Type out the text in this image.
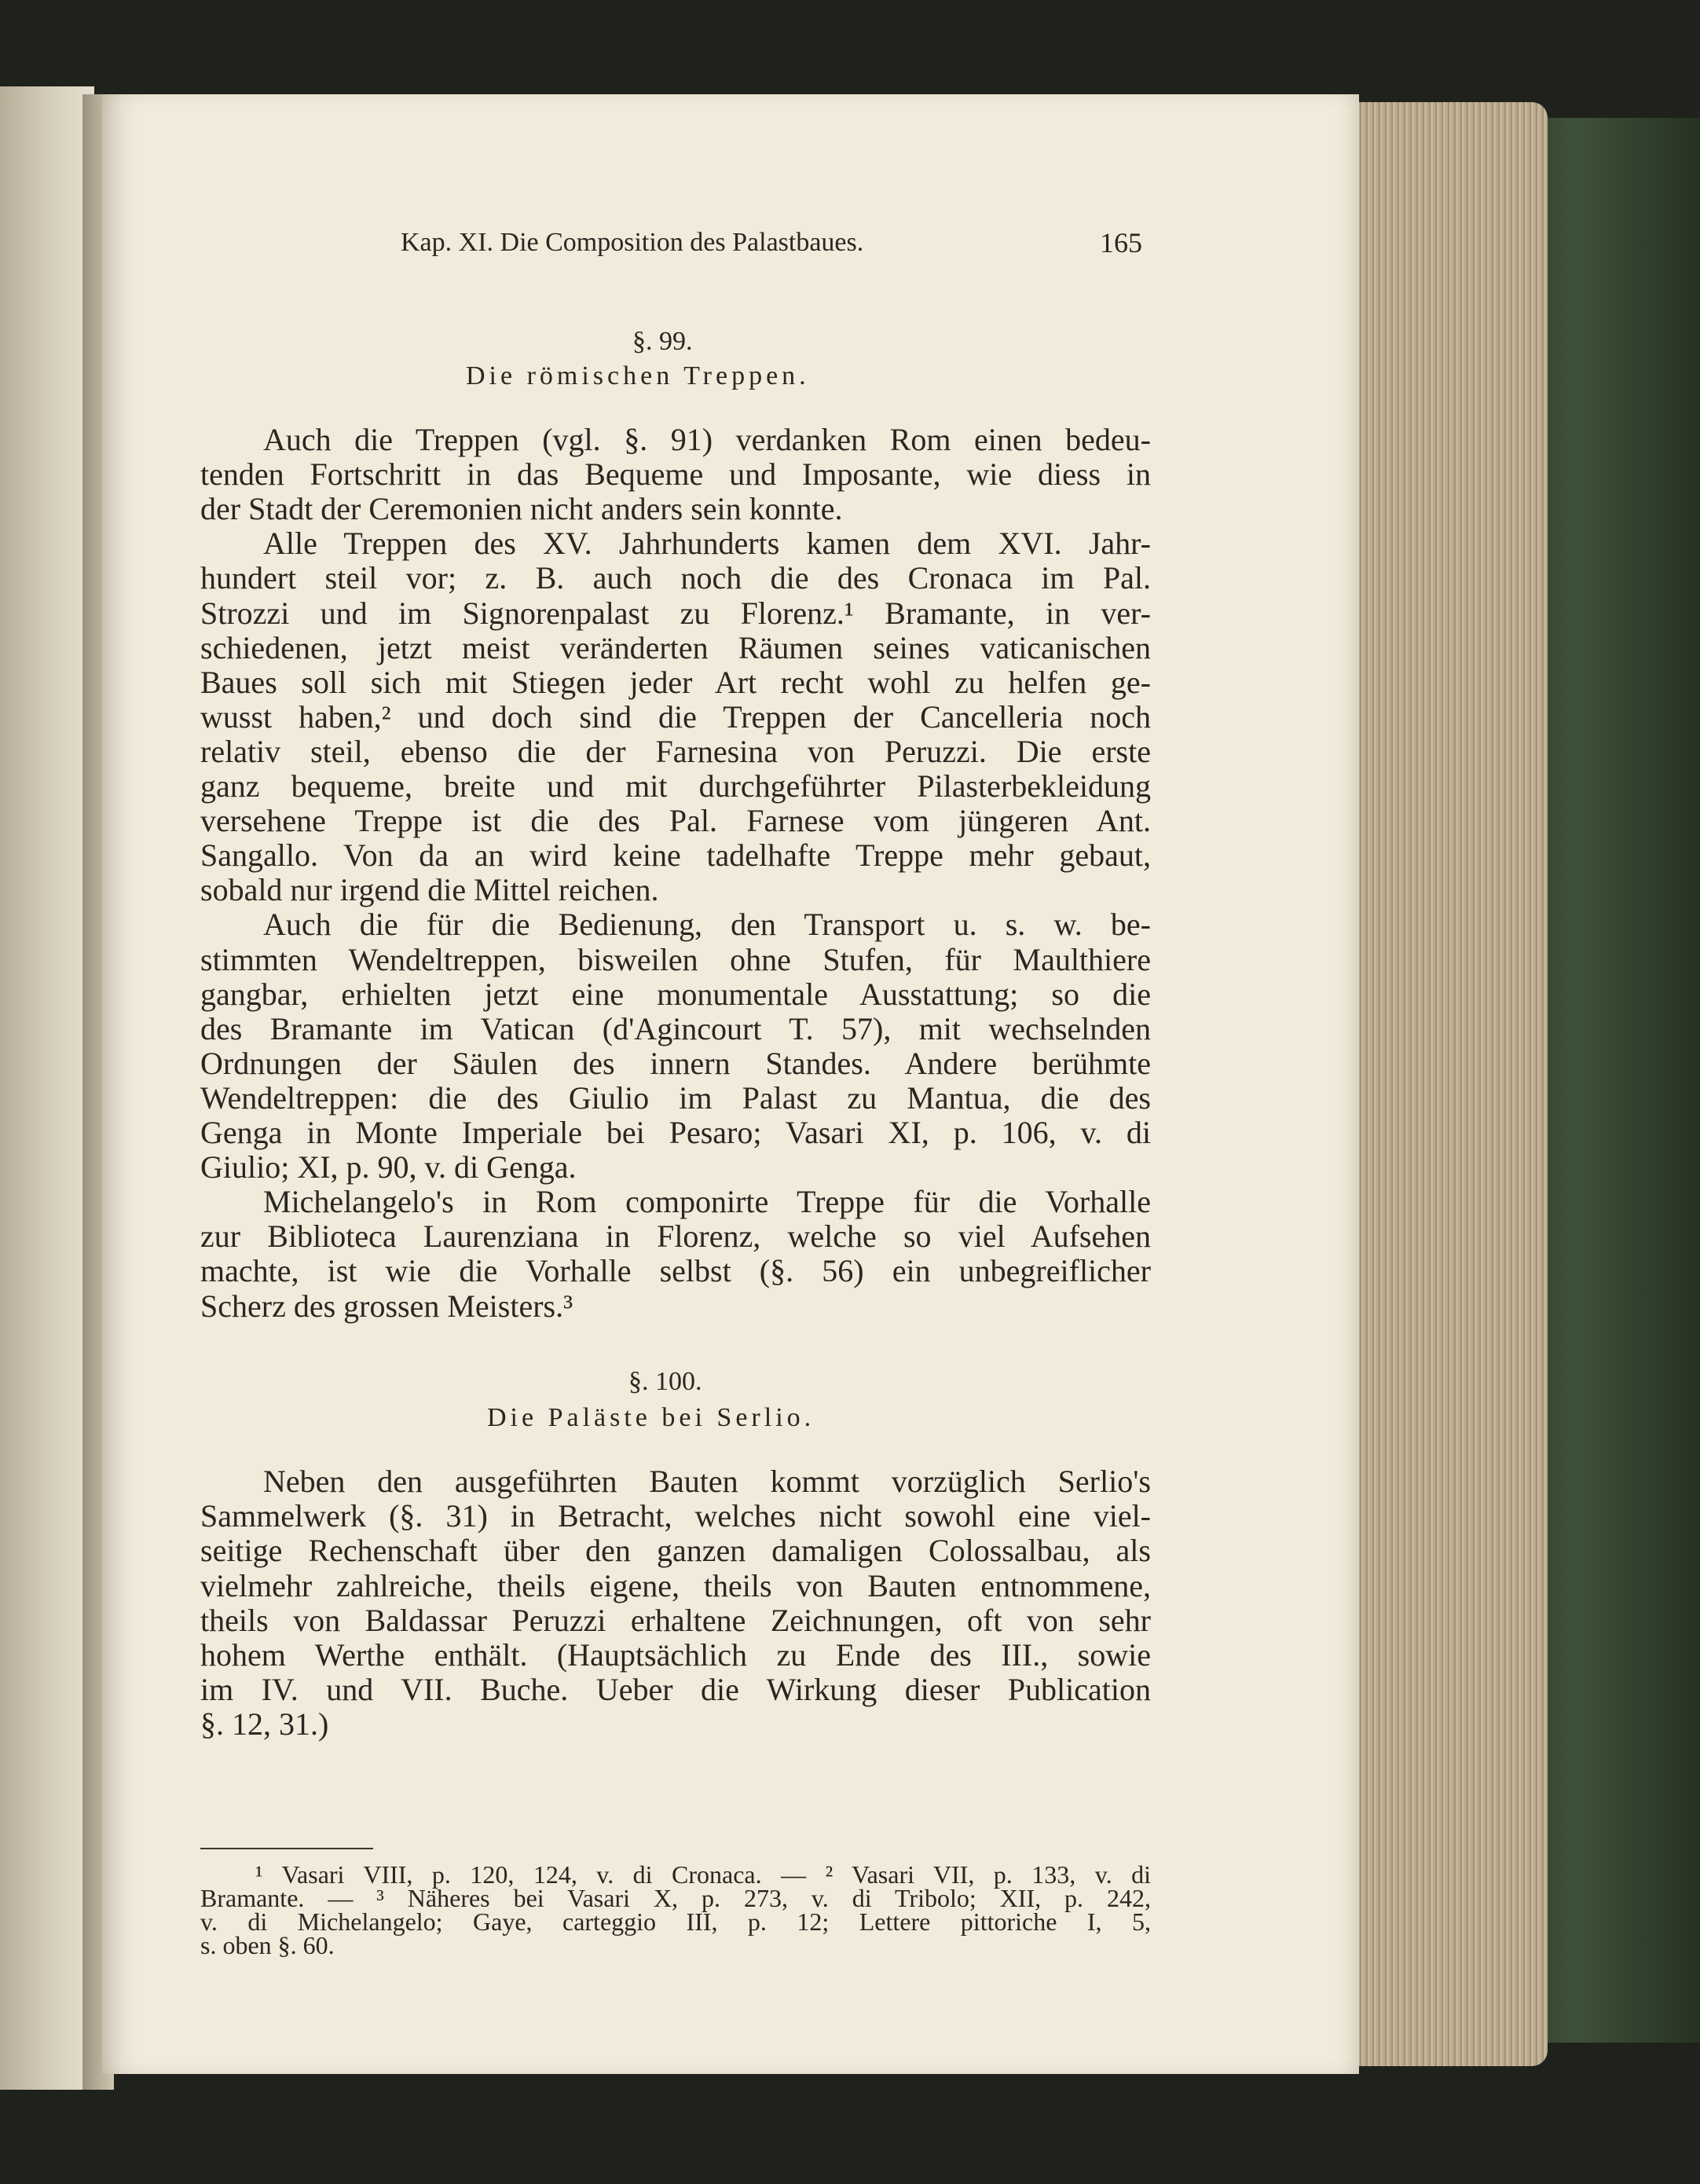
Kap. XI. Die Composition des Palastbaues.	165
§. 99.
Die römischen Treppen.
Auch die Treppen (vgl. §. 91) verdanken Rom einen bedeu-
tenden Fortschritt in das Bequeme und Imposante, wie diess in
der Stadt der Ceremonien nicht anders sein konnte.
Alle Treppen des XV. Jahrhunderts kamen dem XVI. Jahr-
hundert steil vor; z. B. auch noch die des Cronaca im Pal.
Strozzi und im Signorenpalast zu Florenz.¹ Bramante, in ver-
schiedenen, jetzt meist veränderten Räumen seines vaticanischen
Baues soll sich mit Stiegen jeder Art recht wohl zu helfen ge-
wusst haben,² und doch sind die Treppen der Cancelleria noch
relativ steil, ebenso die der Farnesina von Peruzzi. Die erste
ganz bequeme, breite und mit durchgeführter Pilasterbekleidung
versehene Treppe ist die des Pal. Farnese vom jüngeren Ant.
Sangallo. Von da an wird keine tadelhafte Treppe mehr gebaut,
sobald nur irgend die Mittel reichen.
Auch die für die Bedienung, den Transport u. s. w. be-
stimmten Wendeltreppen, bisweilen ohne Stufen, für Maulthiere
gangbar, erhielten jetzt eine monumentale Ausstattung; so die
des Bramante im Vatican (d'Agincourt T. 57), mit wechselnden
Ordnungen der Säulen des innern Standes. Andere berühmte
Wendeltreppen: die des Giulio im Palast zu Mantua, die des
Genga in Monte Imperiale bei Pesaro; Vasari XI, p. 106, v. di
Giulio; XI, p. 90, v. di Genga.
Michelangelo's in Rom componirte Treppe für die Vorhalle
zur Biblioteca Laurenziana in Florenz, welche so viel Aufsehen
machte, ist wie die Vorhalle selbst (§. 56) ein unbegreiflicher
Scherz des grossen Meisters.³
§. 100.
Die Paläste bei Serlio.
Neben den ausgeführten Bauten kommt vorzüglich Serlio's
Sammelwerk (§. 31) in Betracht, welches nicht sowohl eine viel-
seitige Rechenschaft über den ganzen damaligen Colossalbau, als
vielmehr zahlreiche, theils eigene, theils von Bauten entnommene,
theils von Baldassar Peruzzi erhaltene Zeichnungen, oft von sehr
hohem Werthe enthält. (Hauptsächlich zu Ende des III., sowie
im IV. und VII. Buche. Ueber die Wirkung dieser Publication
§. 12, 31.)
¹ Vasari VIII, p. 120, 124, v. di Cronaca. — ² Vasari VII, p. 133, v. di
Bramante. — ³ Näheres bei Vasari X, p. 273, v. di Tribolo; XII, p. 242,
v. di Michelangelo; Gaye, carteggio III, p. 12; Lettere pittoriche I, 5,
s. oben §. 60.
